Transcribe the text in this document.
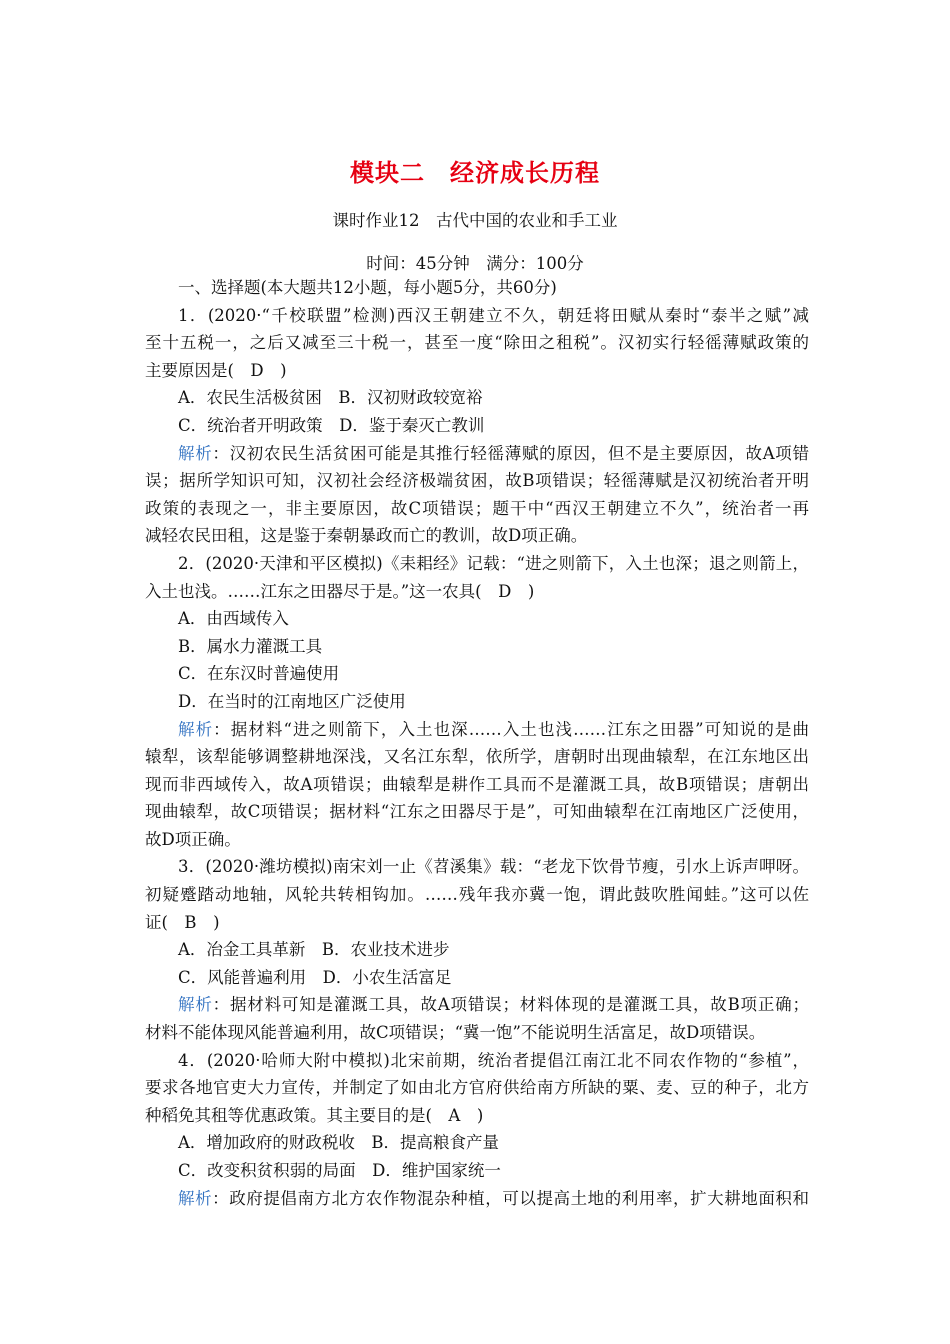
模块二　经济成长历程
课时作业12　古代中国的农业和手工业
时间：45分钟　满分：100分
一、选择题(本大题共12小题，每小题5分，共60分)
1．(2020·“千校联盟”检测)西汉王朝建立不久，朝廷将田赋从秦时“泰半之赋”减
至十五税一，之后又减至三十税一，甚至一度“除田之租税”。汉初实行轻徭薄赋政策的
主要原因是(　D　)
A．农民生活极贫困　B．汉初财政较宽裕
C．统治者开明政策　D．鉴于秦灭亡教训
解析：汉初农民生活贫困可能是其推行轻徭薄赋的原因，但不是主要原因，故A项错
误；据所学知识可知，汉初社会经济极端贫困，故B项错误；轻徭薄赋是汉初统治者开明
政策的表现之一，非主要原因，故C项错误；题干中“西汉王朝建立不久”，统治者一再
减轻农民田租，这是鉴于秦朝暴政而亡的教训，故D项正确。
2．(2020·天津和平区模拟)《耒耜经》记载：“进之则箭下，入土也深；退之则箭上，
入土也浅。……江东之田器尽于是。”这一农具(　D　)
A．由西域传入
B．属水力灌溉工具
C．在东汉时普遍使用
D．在当时的江南地区广泛使用
解析：据材料“进之则箭下，入土也深……入土也浅……江东之田器”可知说的是曲
辕犁，该犁能够调整耕地深浅，又名江东犁，依所学，唐朝时出现曲辕犁，在江东地区出
现而非西域传入，故A项错误；曲辕犁是耕作工具而不是灌溉工具，故B项错误；唐朝出
现曲辕犁，故C项错误；据材料“江东之田器尽于是”，可知曲辕犁在江南地区广泛使用，
故D项正确。
3．(2020·潍坊模拟)南宋刘一止《苕溪集》载：“老龙下饮骨节瘦，引水上诉声呷呀。
初疑蹙踏动地轴，风轮共转相钩加。……残年我亦冀一饱，谓此鼓吹胜闻蛙。”这可以佐
证(　B　)
A．冶金工具革新　B．农业技术进步
C．风能普遍利用　D．小农生活富足
解析：据材料可知是灌溉工具，故A项错误；材料体现的是灌溉工具，故B项正确；
材料不能体现风能普遍利用，故C项错误；“冀一饱”不能说明生活富足，故D项错误。
4．(2020·哈师大附中模拟)北宋前期，统治者提倡江南江北不同农作物的“参植”，
要求各地官吏大力宣传，并制定了如由北方官府供给南方所缺的粟、麦、豆的种子，北方
种稻免其租等优惠政策。其主要目的是(　A　)
A．增加政府的财政税收　B．提高粮食产量
C．改变积贫积弱的局面　D．维护国家统一
解析：政府提倡南方北方农作物混杂种植，可以提高土地的利用率，扩大耕地面积和
